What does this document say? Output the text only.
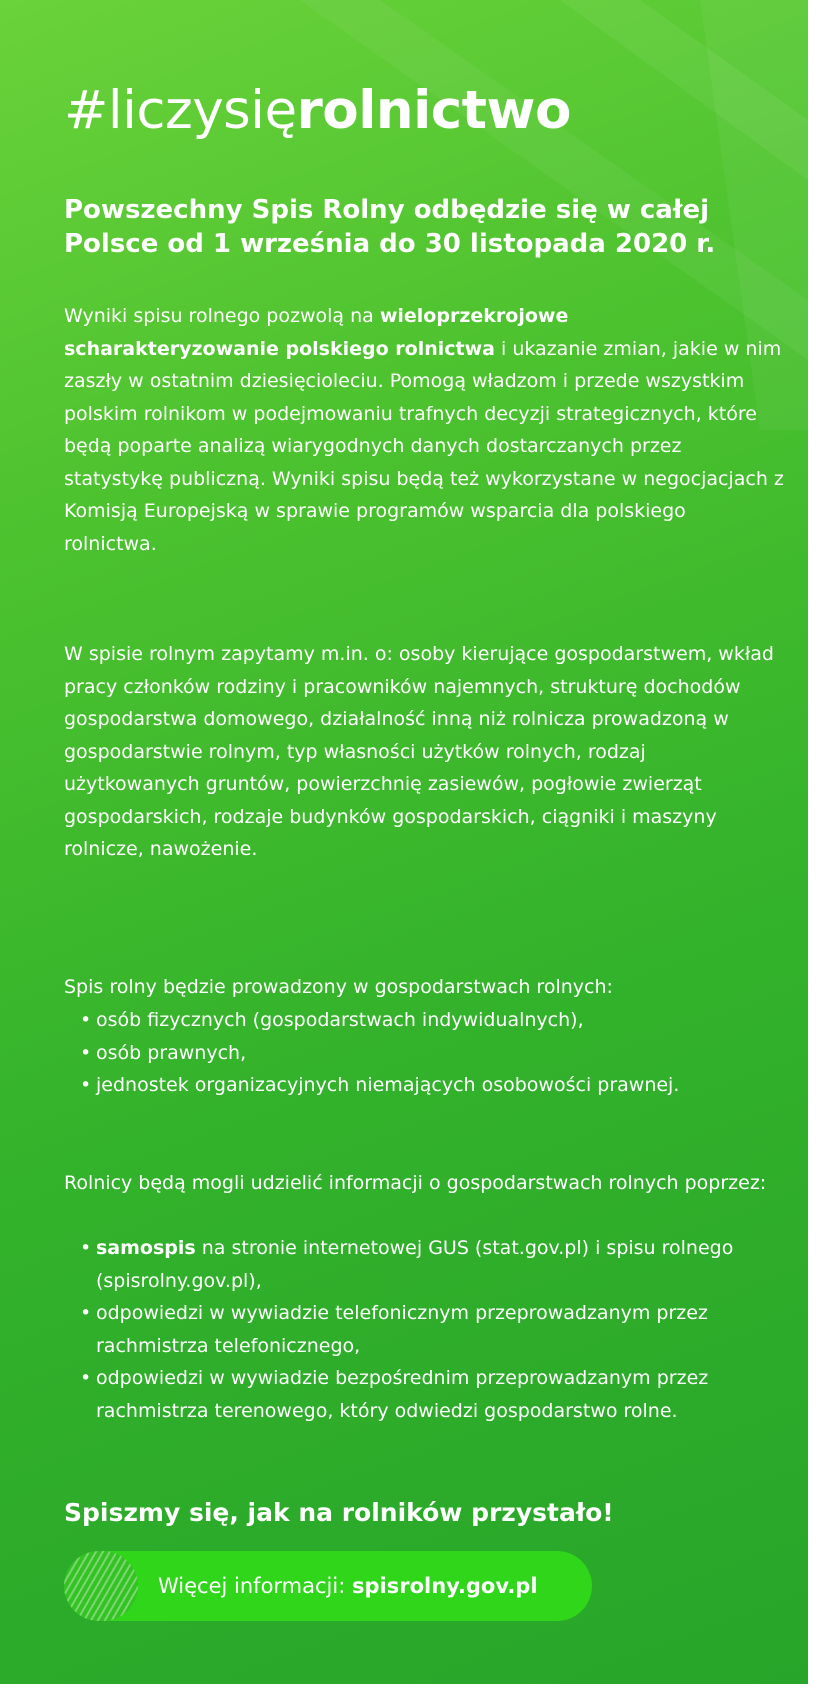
#liczysięrolnictwo
Powszechny Spis Rolny odbędzie się w całej Polsce od 1 września do 30 listopada 2020 r.

Wyniki spisu rolnego pozwolą na wieloprzekrojowe scharakteryzowanie polskiego rolnictwa i ukazanie zmian, jakie w nim zaszły w ostatnim dziesięcioleciu. Pomogą władzom i przede wszystkim polskim rolnikom w podejmowaniu trafnych decyzji strategicznych, które będą poparte analizą wiarygodnych danych dostarczanych przez statystykę publiczną. Wyniki spisu będą też wykorzystane w negocjacjach z Komisją Europejską w sprawie programów wsparcia dla polskiego rolnictwa.

W spisie rolnym zapytamy m.in. o: osoby kierujące gospodarstwem, wkład pracy członków rodziny i pracowników najemnych, strukturę dochodów gospodarstwa domowego, działalność inną niż rolnicza prowadzoną w gospodarstwie rolnym, typ własności użytków rolnych, rodzaj użytkowanych gruntów, powierzchnię zasiewów, pogłowie zwierząt gospodarskich, rodzaje budynków gospodarskich, ciągniki i maszyny rolnicze, nawożenie.

Spis rolny będzie prowadzony w gospodarstwach rolnych:

• osób fizycznych (gospodarstwach indywidualnych),
• osób prawnych,
• jednostek organizacyjnych niemających osobowości prawnej.

Rolnicy będą mogli udzielić informacji o gospodarstwach rolnych poprzez:

• samospis na stronie internetowej GUS (stat.gov.pl) i spisu rolnego (spisrolny.gov.pl),
• odpowiedzi w wywiadzie telefonicznym przeprowadzanym przez rachmistrza telefonicznego,
• odpowiedzi w wywiadzie bezpośrednim przeprowadzanym przez rachmistrza terenowego, który odwiedzi gospodarstwo rolne.
Spiszmy się, jak na rolników przystało!
Więcej informacji: spisrolny.gov.pl
